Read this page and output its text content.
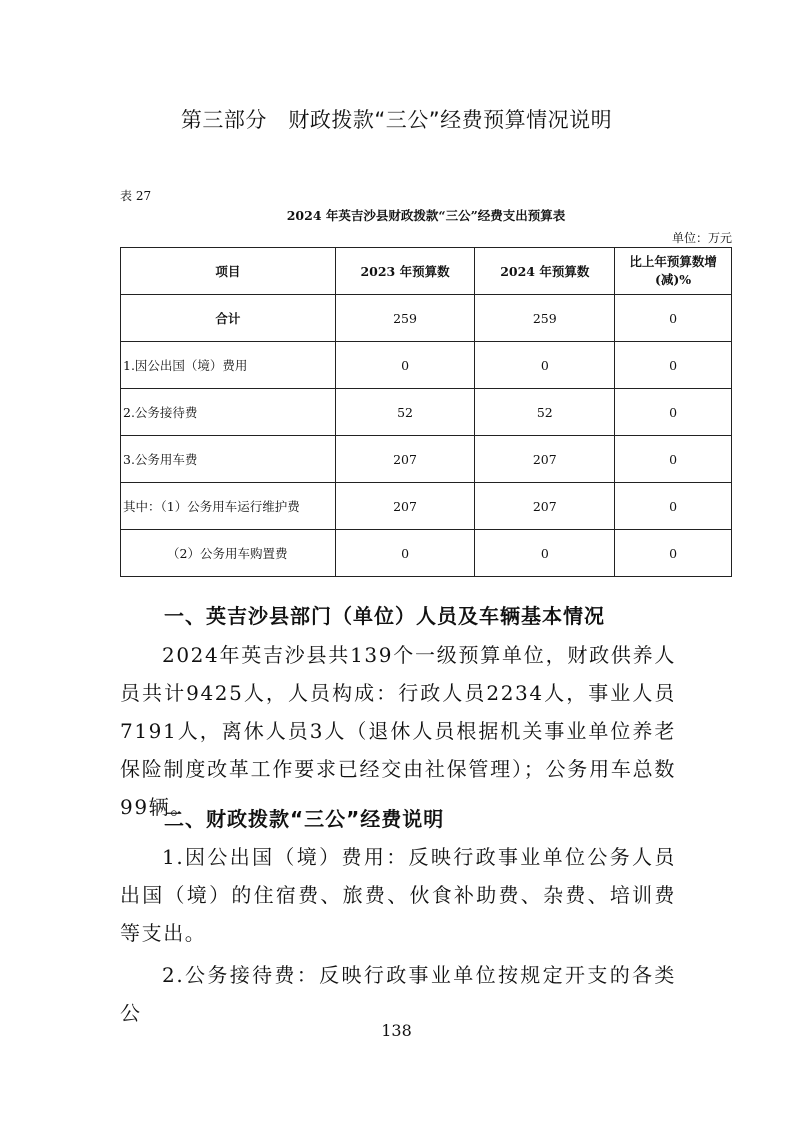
第三部分　财政拨款“三公”经费预算情况说明
表 27
2024 年英吉沙县财政拨款“三公”经费支出预算表
单位：万元
项目	2023 年预算数	2024 年预算数	比上年预算数增
(减)%
合计	259	259	0
1.因公出国（境）费用	0	0	0
2.公务接待费	52	52	0
3.公务用车费	207	207	0
其中：（1）公务用车运行维护费	207	207	0
（2）公务用车购置费	0	0	0
一、英吉沙县部门（单位）人员及车辆基本情况
2024年英吉沙县共139个一级预算单位，财政供养人员共计9425人，人员构成：行政人员2234人，事业人员7191人，离休人员3人（退休人员根据机关事业单位养老保险制度改革工作要求已经交由社保管理）；公务用车总数99辆。
二、财政拨款“三公”经费说明
1.因公出国（境）费用：反映行政事业单位公务人员出国（境）的住宿费、旅费、伙食补助费、杂费、培训费等支出。
2.公务接待费：反映行政事业单位按规定开支的各类公
138
